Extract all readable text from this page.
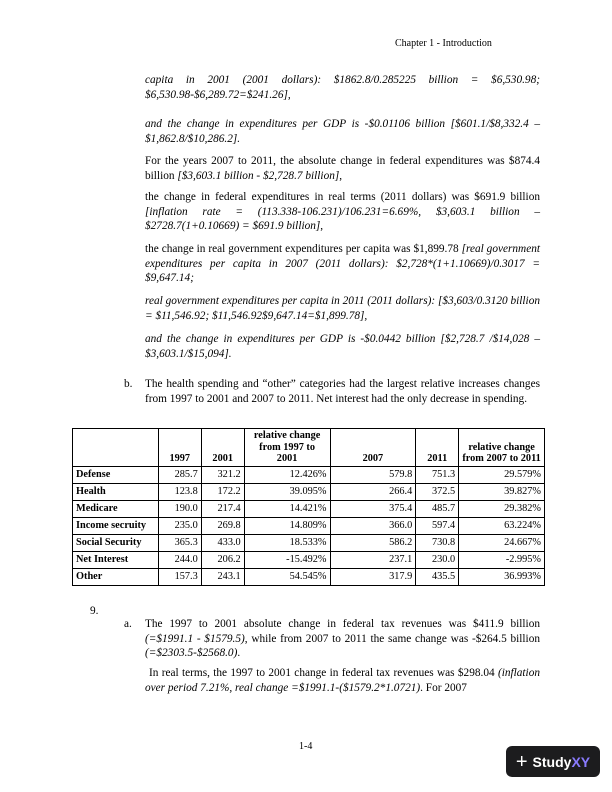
Chapter 1 - Introduction

capita in 2001 (2001 dollars): $1862.8/0.285225 billion = $6,530.98; $6,530.98-$6,289.72=$241.26],

and the change in expenditures per GDP is -$0.01106 billion [$601.1/$8,332.4 – $1,862.8/$10,286.2].

For the years 2007 to 2011, the absolute change in federal expenditures was $874.4 billion [$3,603.1 billion - $2,728.7 billion],

the change in federal expenditures in real terms (2011 dollars) was $691.9 billion [inflation rate = (113.338-106.231)/106.231=6.69%, $3,603.1 billion – $2728.7(1+0.10669) = $691.9 billion],

the change in real government expenditures per capita was $1,899.78 [real government expenditures per capita in 2007 (2011 dollars): $2,728*(1+1.10669)/0.3017 = $9,647.14;

real government expenditures per capita in 2011 (2011 dollars): [$3,603/0.3120 billion = $11,546.92; $11,546.92$9,647.14=$1,899.78],

and the change in expenditures per GDP is -$0.0442 billion [$2,728.7 /$14,028 – $3,603.1/$15,094].

b. The health spending and “other” categories had the largest relative increases changes from 1997 to 2001 and 2007 to 2011. Net interest had the only decrease in spending.

	1997	2001	relative change from 1997 to 2001	2007	2011	relative change from 2007 to 2011
Defense	285.7	321.2	12.426%	579.8	751.3	29.579%
Health	123.8	172.2	39.095%	266.4	372.5	39.827%
Medicare	190.0	217.4	14.421%	375.4	485.7	29.382%
Income secruity	235.0	269.8	14.809%	366.0	597.4	63.224%
Social Security	365.3	433.0	18.533%	586.2	730.8	24.667%
Net Interest	244.0	206.2	-15.492%	237.1	230.0	-2.995%
Other	157.3	243.1	54.545%	317.9	435.5	36.993%
9.
a. The 1997 to 2001 absolute change in federal tax revenues was $411.9 billion (=$1991.1 - $1579.5), while from 2007 to 2011 the same change was -$264.5 billion (=$2303.5-$2568.0).

In real terms, the 1997 to 2001 change in federal tax revenues was $298.04 (inflation over period 7.21%, real change =$1991.1-($1579.2*1.0721). For 2007

1-4
+ Study XY
